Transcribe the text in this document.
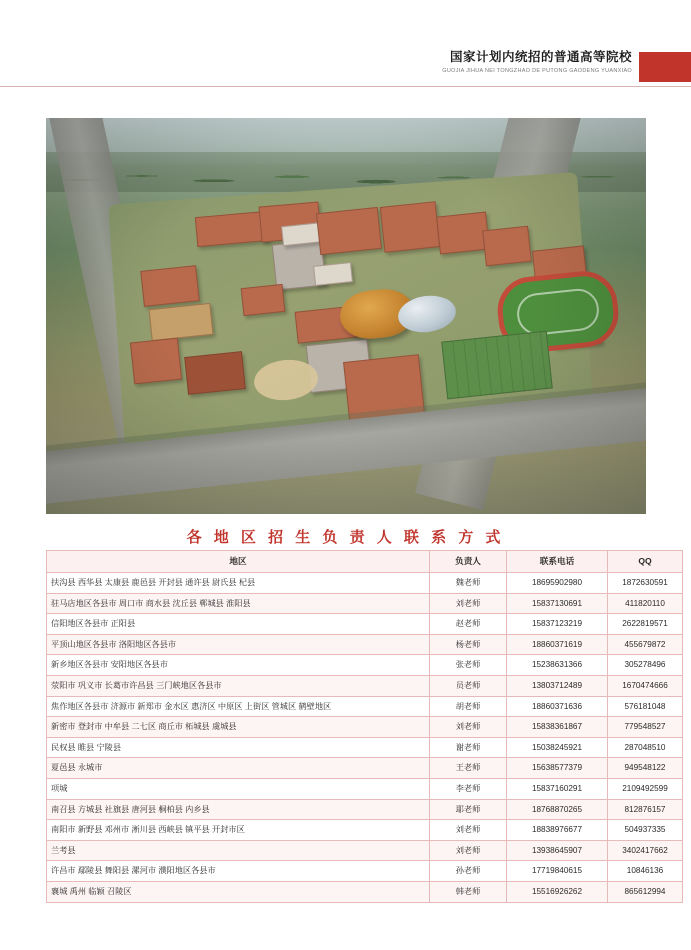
国家计划内统招的普通高等院校
GUOJIA JIHUA NEI TONGZHAO DE PUTONG GAODENG YUANXIAO
各 地 区 招 生 负 责 人 联 系 方 式
地区	负责人	联系电话	QQ
扶沟县 西华县 太康县 鹿邑县 开封县 通许县 尉氏县 杞县	魏老师	18695902980	1872630591
驻马店地区各县市 周口市 商水县 沈丘县 郸城县 淮阳县	刘老师	15837130691	411820110
信阳地区各县市 正阳县	赵老师	15837123219	2622819571
平顶山地区各县市 洛阳地区各县市	杨老师	18860371619	455679872
新乡地区各县市 安阳地区各县市	张老师	15238631366	305278496
荥阳市 巩义市 长葛市许昌县 三门峡地区各县市	员老师	13803712489	1670474666
焦作地区各县市 济源市 新郑市 金水区 惠济区 中原区 上街区 管城区 鹤壁地区	胡老师	18860371636	576181048
新密市 登封市 中牟县 二七区 商丘市 柘城县 虞城县	刘老师	15838361867	779548527
民权县 睢县 宁陵县	谢老师	15038245921	287048510
夏邑县 永城市	王老师	15638577379	949548122
项城	李老师	15837160291	2109492599
南召县 方城县 社旗县 唐河县 桐柏县 内乡县	耶老师	18768870265	812876157
南阳市 新野县 邓州市 淅川县 西峡县 镇平县 开封市区	刘老师	18838976677	504937335
兰考县	刘老师	13938645907	3402417662
许昌市 鄢陵县 舞阳县 漯河市 濮阳地区各县市	孙老师	17719840615	10846136
襄城 禹州 临颖 召陵区	韩老师	15516926262	865612994
